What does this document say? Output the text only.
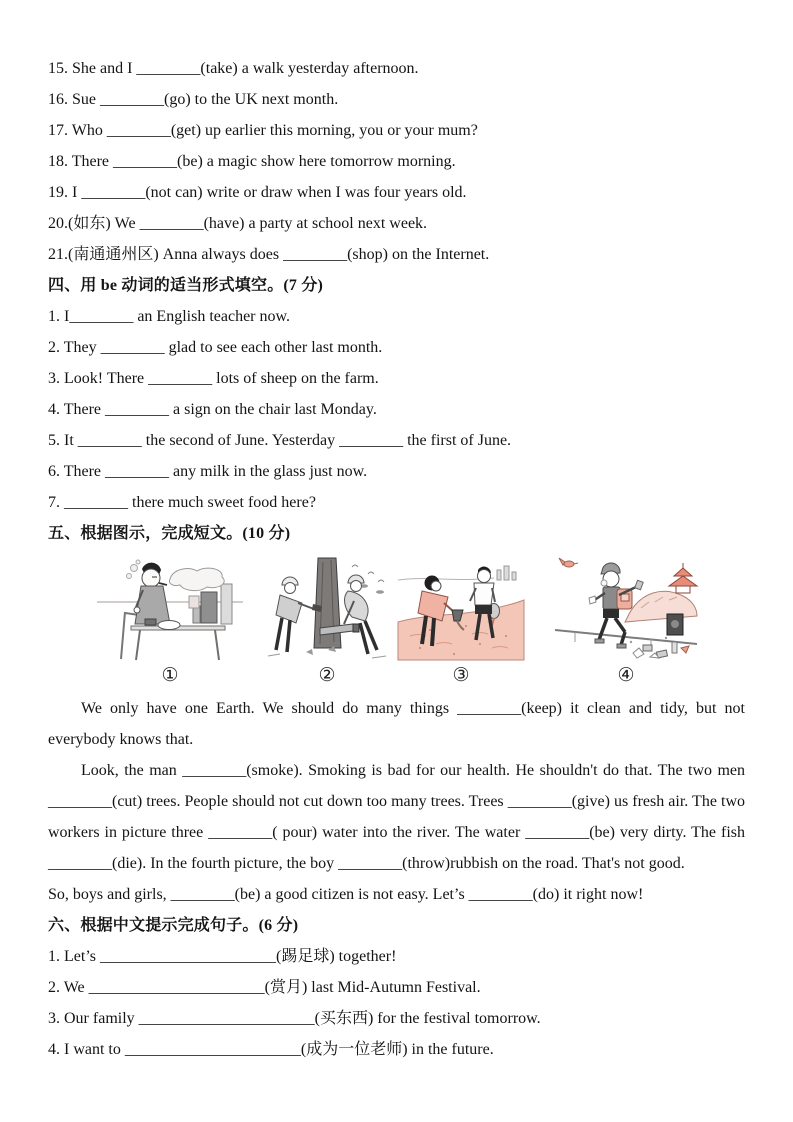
15. She and I ________(take) a walk yesterday afternoon.
16. Sue ________(go) to the UK next month.
17. Who ________(get) up earlier this morning, you or your mum?
18. There ________(be) a magic show here tomorrow morning.
19. I ________(not can) write or draw when I was four years old.
20.(如东) We ________(have) a party at school next week.
21.(南通通州区) Anna always does ________(shop) on the Internet.
四、用 be 动词的适当形式填空。(7 分)
1. I________ an English teacher now.
2. They ________ glad to see each other last month.
3. Look! There ________ lots of sheep on the farm.
4. There ________ a sign on the chair last Monday.
5. It ________ the second of June. Yesterday ________ the first of June.
6. There ________ any milk in the glass just now.
7. ________ there much sweet food here?
五、根据图示，完成短文。(10 分)
①	②	③	④

We only have one Earth. We should do many things ________(keep) it clean and tidy, but not everybody knows that.

Look, the man ________(smoke). Smoking is bad for our health. He shouldn't do that. The two men ________(cut) trees. People should not cut down too many trees. Trees ________(give) us fresh air. The two workers in picture three ________( pour) water into the river. The water ________(be) very dirty. The fish ________(die). In the fourth picture, the boy ________(throw)rubbish on the road. That's not good.

So, boys and girls, ________(be) a good citizen is not easy. Let’s ________(do) it right now!

六、根据中文提示完成句子。(6 分)
1. Let’s ______________________(踢足球) together!
2. We ______________________(赏月) last Mid-Autumn Festival.
3. Our family ______________________(买东西) for the festival tomorrow.
4. I want to ______________________(成为一位老师) in the future.
